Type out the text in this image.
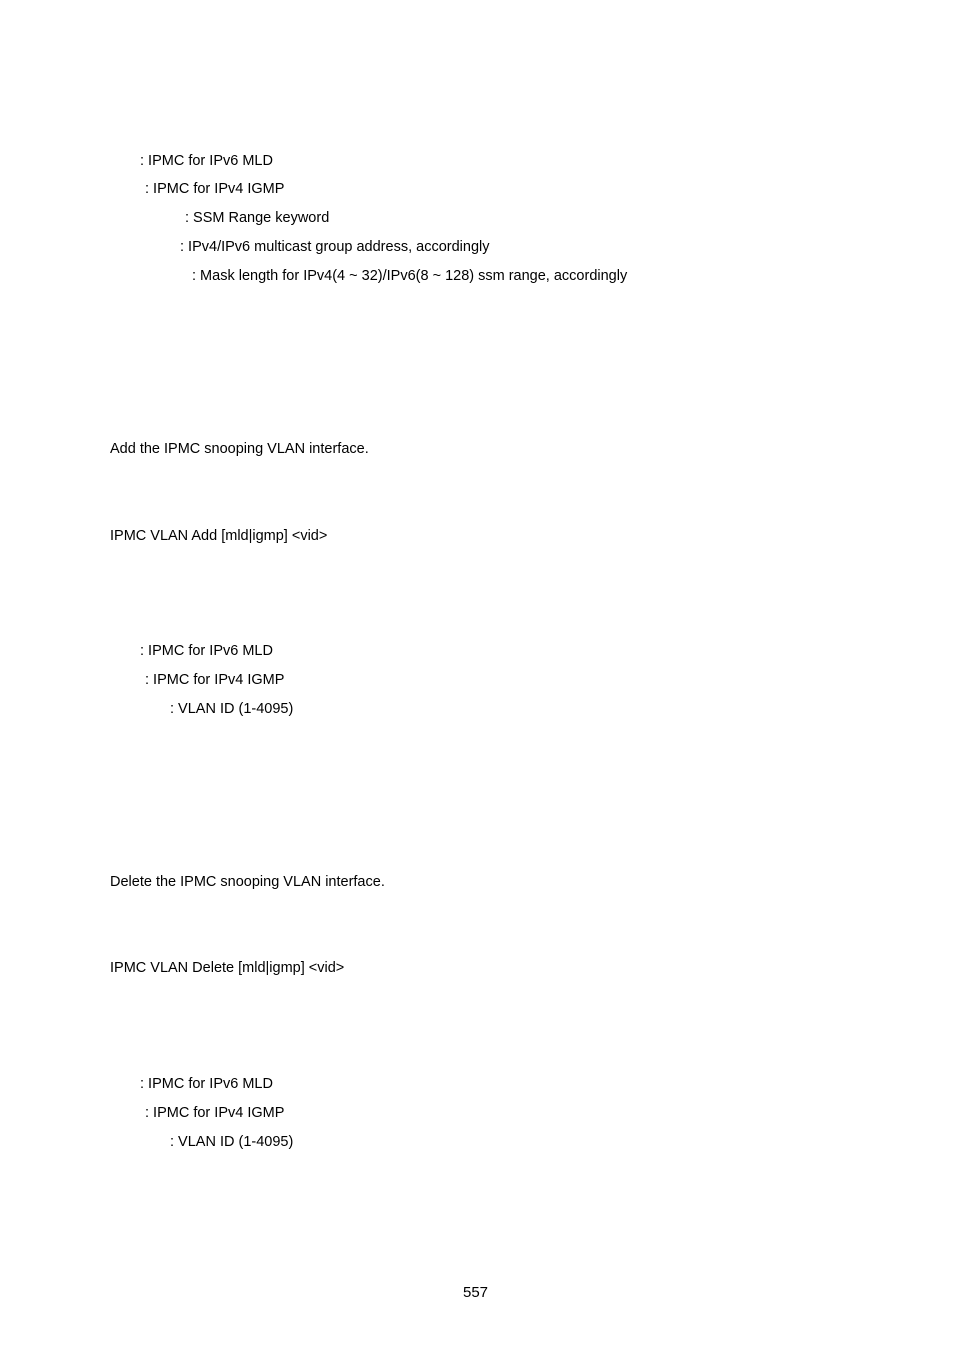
: IPMC for IPv6 MLD

: IPMC for IPv4 IGMP

: SSM Range keyword

: IPv4/IPv6 multicast group address, accordingly

: Mask length for IPv4(4 ~ 32)/IPv6(8 ~ 128) ssm range, accordingly

Add the IPMC snooping VLAN interface.

IPMC VLAN Add [mld|igmp] <vid>

: IPMC for IPv6 MLD

: IPMC for IPv4 IGMP

: VLAN ID (1-4095)

Delete the IPMC snooping VLAN interface.

IPMC VLAN Delete [mld|igmp] <vid>

: IPMC for IPv6 MLD

: IPMC for IPv4 IGMP

: VLAN ID (1-4095)

557
